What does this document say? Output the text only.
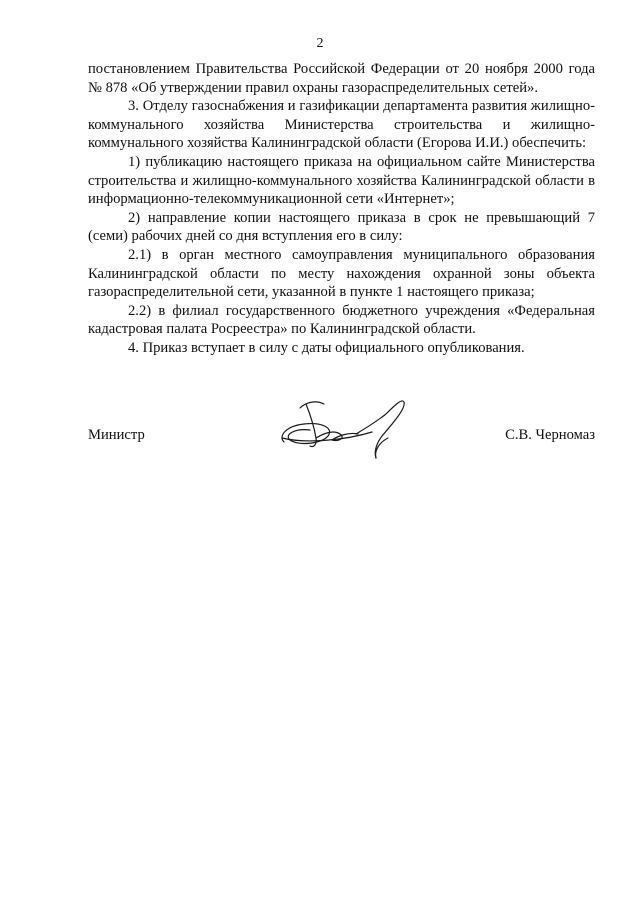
2

постановлением Правительства Российской Федерации от 20 ноября 2000 года № 878 «Об утверждении правил охраны газораспределительных сетей».

3. Отделу газоснабжения и газификации департамента развития жилищно-коммунального хозяйства Министерства строительства и жилищно-коммунального хозяйства Калининградской области (Егорова И.И.) обеспечить:

1) публикацию настоящего приказа на официальном сайте Министерства строительства и жилищно-коммунального хозяйства Калининградской области в информационно-телекоммуникационной сети «Интернет»;

2) направление копии настоящего приказа в срок не превышающий 7 (семи) рабочих дней со дня вступления его в силу:

2.1) в орган местного самоуправления муниципального образования Калининградской области по месту нахождения охранной зоны объекта газораспределительной сети, указанной в пункте 1 настоящего приказа;

2.2) в филиал государственного бюджетного учреждения «Федеральная кадастровая палата Росреестра» по Калининградской области.

4. Приказ вступает в силу с даты официального опубликования.

Министр	С.В. Черномаз
